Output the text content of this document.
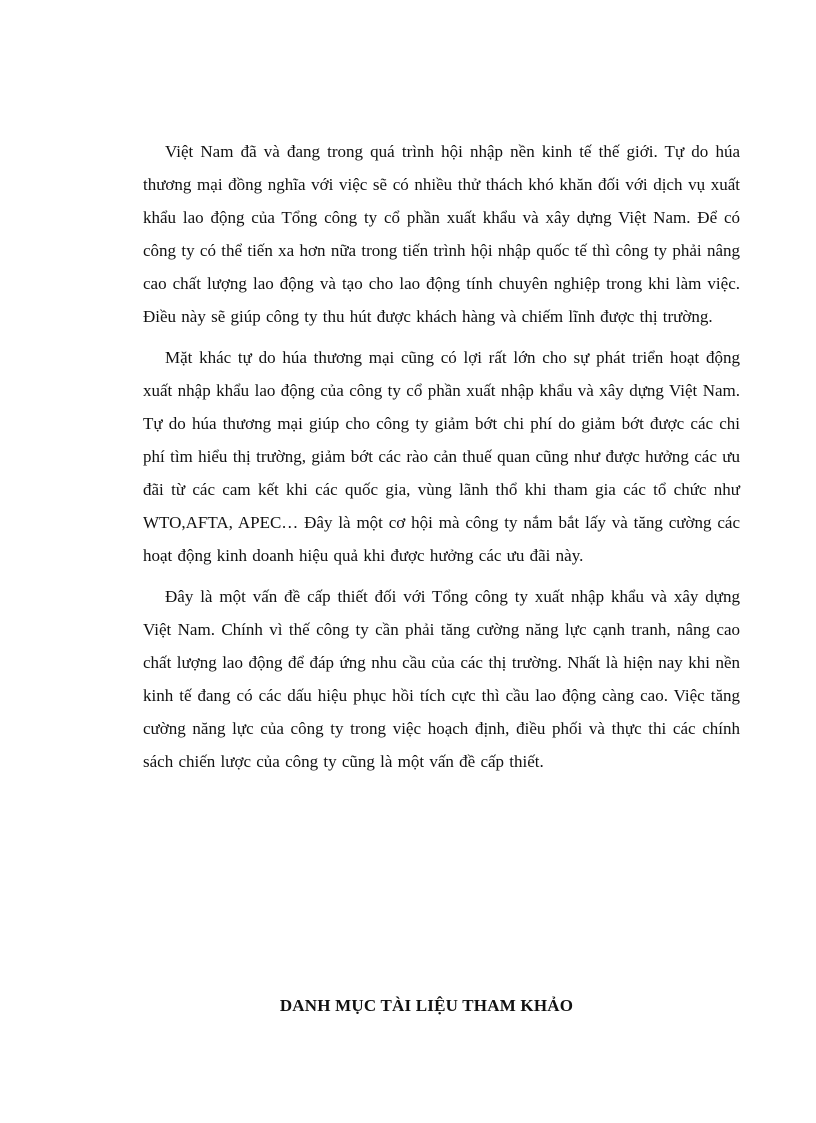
Việt Nam đã và đang trong quá trình hội nhập nền kinh tế thế giới. Tự do húa thương mại đồng nghĩa với việc sẽ có nhiều thử thách khó khăn đối với dịch vụ xuất khẩu lao động của Tổng công ty cổ phần xuất khẩu và xây dựng Việt Nam. Để có công ty có thể tiến xa hơn nữa trong tiến trình hội nhập quốc tế thì công ty phải nâng cao chất lượng lao động và tạo cho lao động tính chuyên nghiệp trong khi làm việc. Điều này sẽ giúp công ty thu hút được khách hàng và chiếm lĩnh được thị trường.

Mặt khác tự do húa thương mại cũng có lợi rất lớn cho sự phát triển hoạt động xuất nhập khẩu lao động của công ty cổ phần xuất nhập khẩu và xây dựng Việt Nam. Tự do húa thương mại giúp cho công ty giảm bớt chi phí do giảm bớt được các chi phí tìm hiểu thị trường, giảm bớt các rào cản thuế quan cũng như được hưởng các ưu đãi từ các cam kết khi các quốc gia, vùng lãnh thổ khi tham gia các tổ chức như WTO,AFTA, APEC… Đây là một cơ hội mà công ty nắm bắt lấy và tăng cường các hoạt động kinh doanh hiệu quả khi được hưởng các ưu đãi này.

Đây là một vấn đề cấp thiết đối với Tổng công ty xuất nhập khẩu và xây dựng Việt Nam. Chính vì thế công ty cần phải tăng cường năng lực cạnh tranh, nâng cao chất lượng lao động để đáp ứng nhu cầu của các thị trường. Nhất là hiện nay khi nền kinh tế đang có các dấu hiệu phục hồi tích cực thì cầu lao động càng cao. Việc tăng cường năng lực của công ty trong việc hoạch định, điều phối và thực thi các chính sách chiến lược của công ty cũng là một vấn đề cấp thiết.

DANH MỤC TÀI LIỆU THAM KHẢO
